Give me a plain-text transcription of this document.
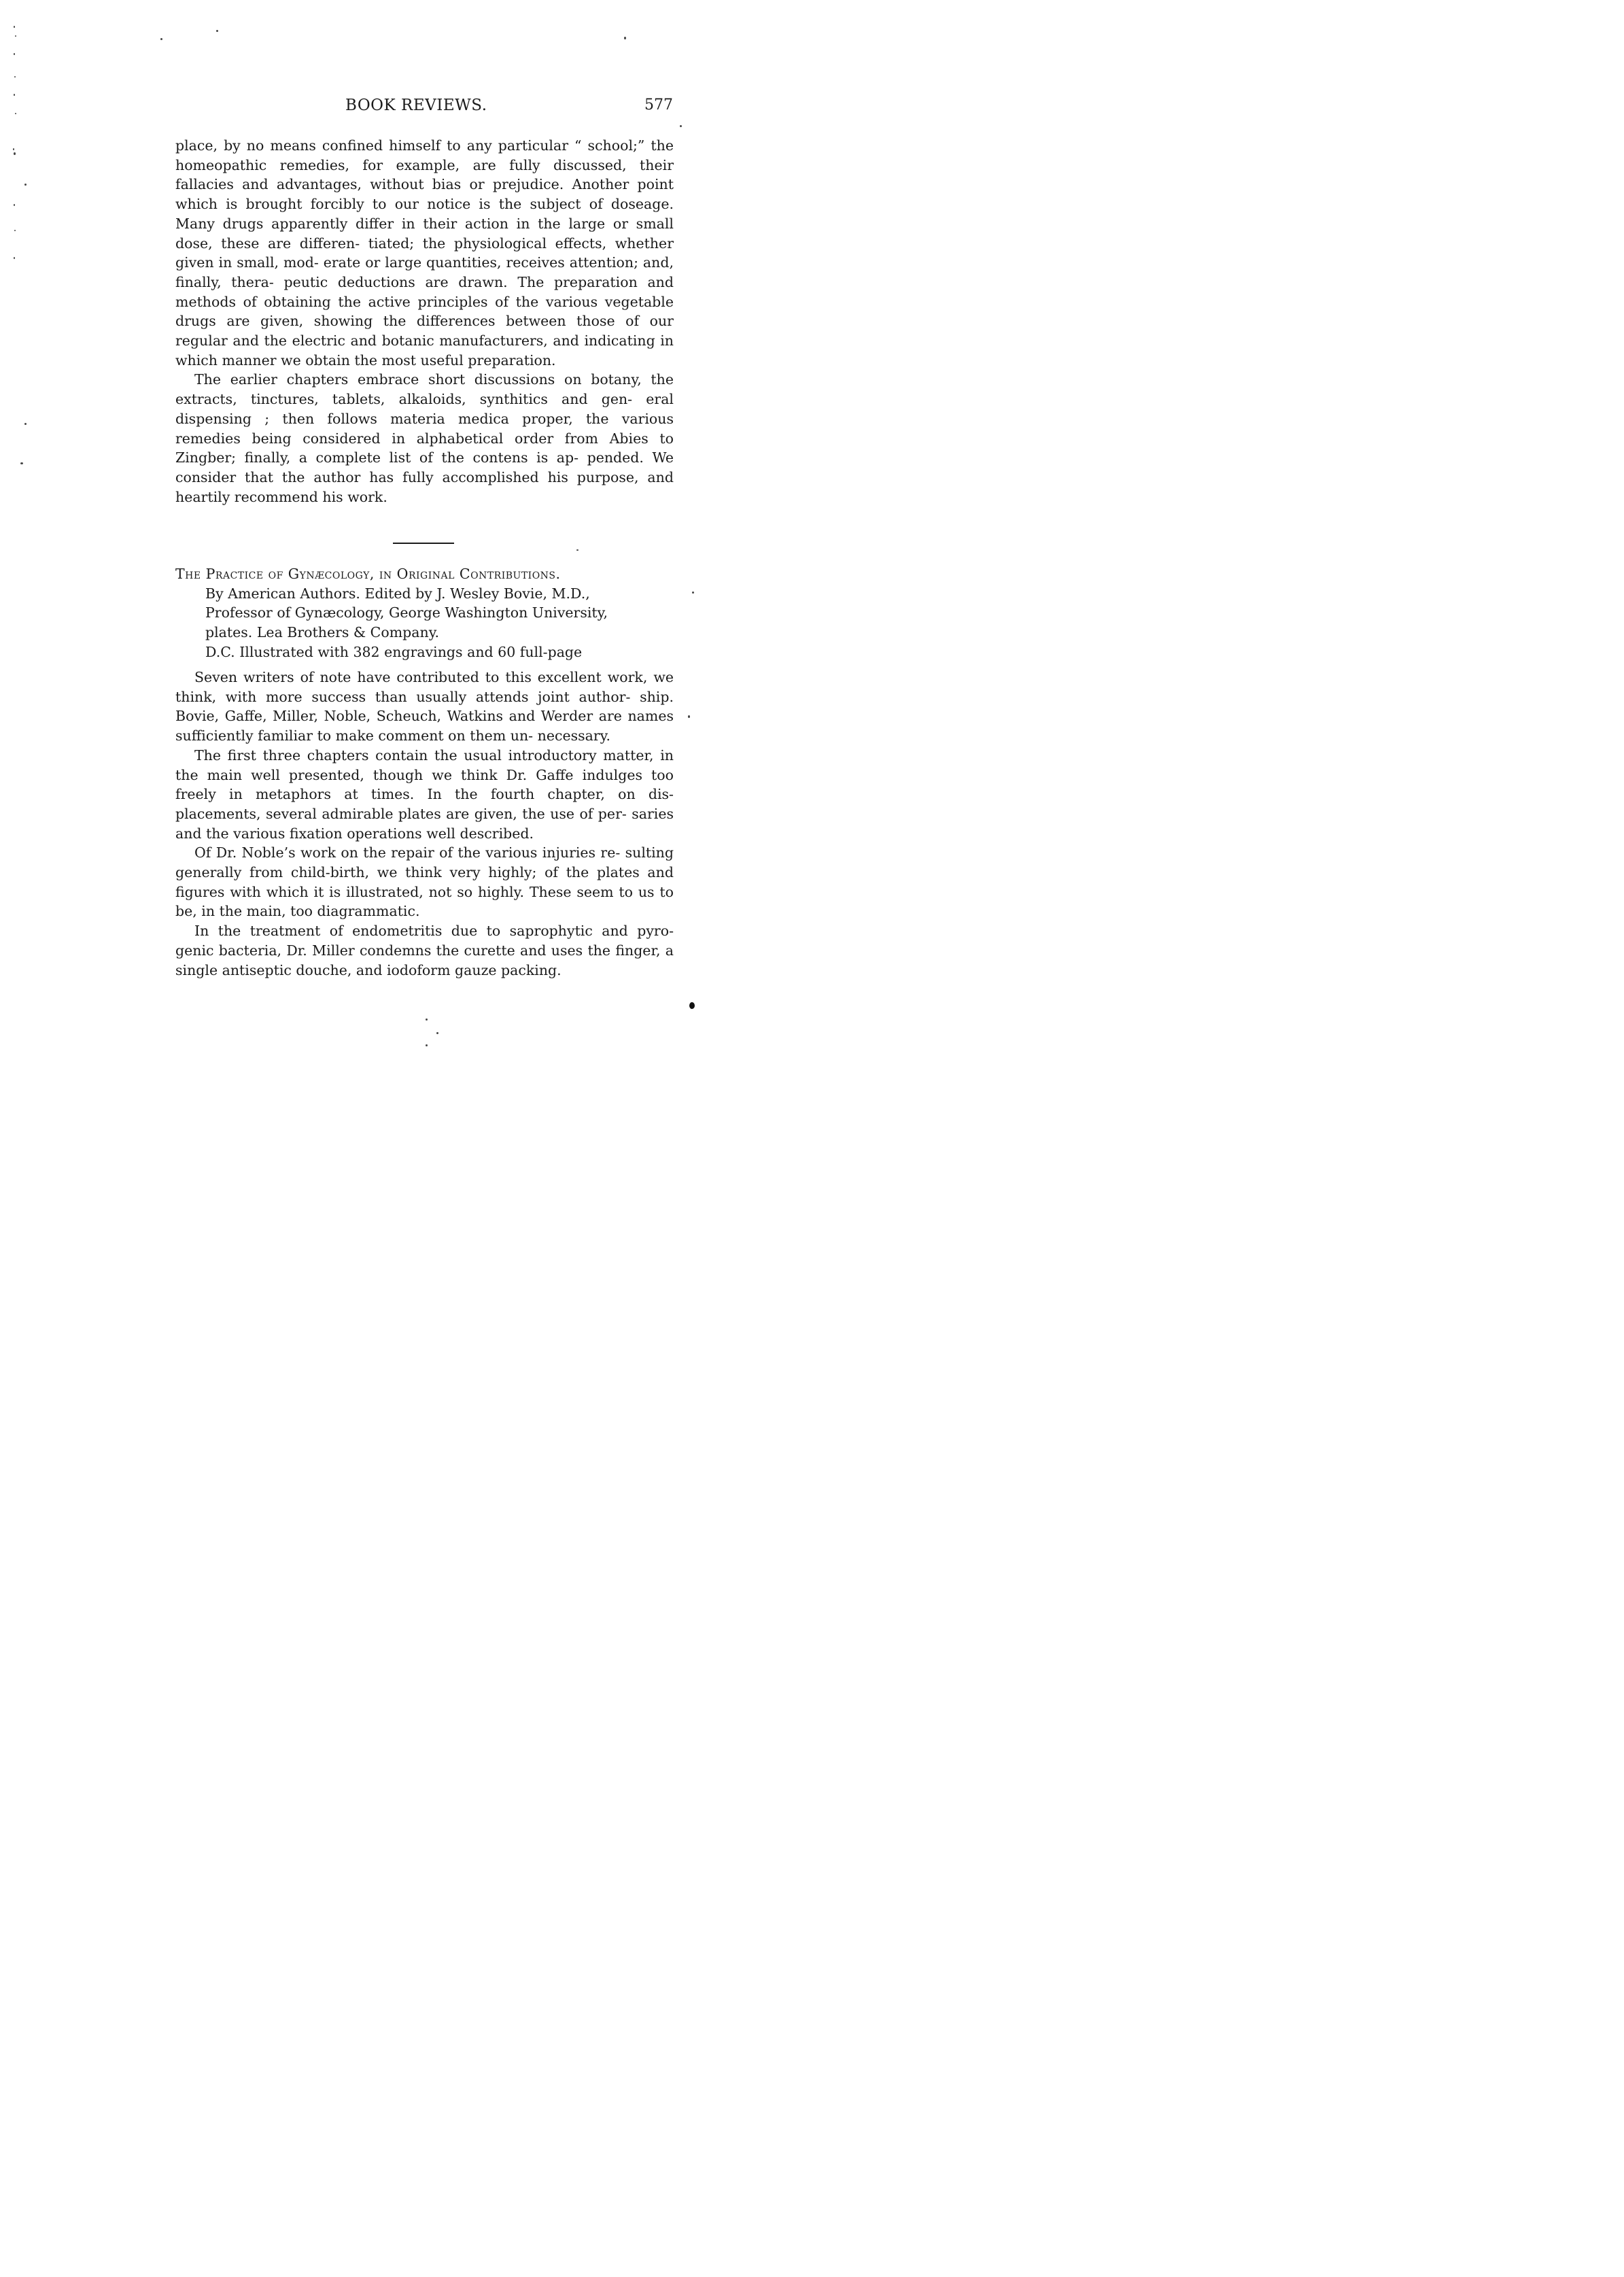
BOOK REVIEWS.	577

place, by no means confined himself to any particular “ school;” the homeopathic remedies, for example, are fully discussed, their fallacies and advantages, without bias or prejudice. Another point which is brought forcibly to our notice is the subject of doseage. Many drugs apparently differ in their action in the large or small dose, these are differen- tiated; the physiological effects, whether given in small, mod- erate or large quantities, receives attention; and, finally, thera- peutic deductions are drawn. The preparation and methods of obtaining the active principles of the various vegetable drugs are given, showing the differences between those of our regular and the electric and botanic manufacturers, and indicating in which manner we obtain the most useful preparation.

The earlier chapters embrace short discussions on botany, the extracts, tinctures, tablets, alkaloids, synthitics and gen- eral dispensing ; then follows materia medica proper, the various remedies being considered in alphabetical order from Abies to Zingber; finally, a complete list of the contens is ap- pended. We consider that the author has fully accomplished his purpose, and heartily recommend his work.

The Practice of Gynæcology, in Original Contributions.

By American Authors. Edited by J. Wesley Bovie, M.D.,

Professor of Gynæcology, George Washington University,

plates. Lea Brothers & Company.

D.C. Illustrated with 382 engravings and 60 full-page

Seven writers of note have contributed to this excellent work, we think, with more success than usually attends joint author- ship. Bovie, Gaffe, Miller, Noble, Scheuch, Watkins and Werder are names sufficiently familiar to make comment on them un- necessary.

The first three chapters contain the usual introductory matter, in the main well presented, though we think Dr. Gaffe indulges too freely in metaphors at times. In the fourth chapter, on dis- placements, several admirable plates are given, the use of per- saries and the various fixation operations well described.

Of Dr. Noble’s work on the repair of the various injuries re- sulting generally from child-birth, we think very highly; of the plates and figures with which it is illustrated, not so highly. These seem to us to be, in the main, too diagrammatic.

In the treatment of endometritis due to saprophytic and pyro- genic bacteria, Dr. Miller condemns the curette and uses the finger, a single antiseptic douche, and iodoform gauze packing.
